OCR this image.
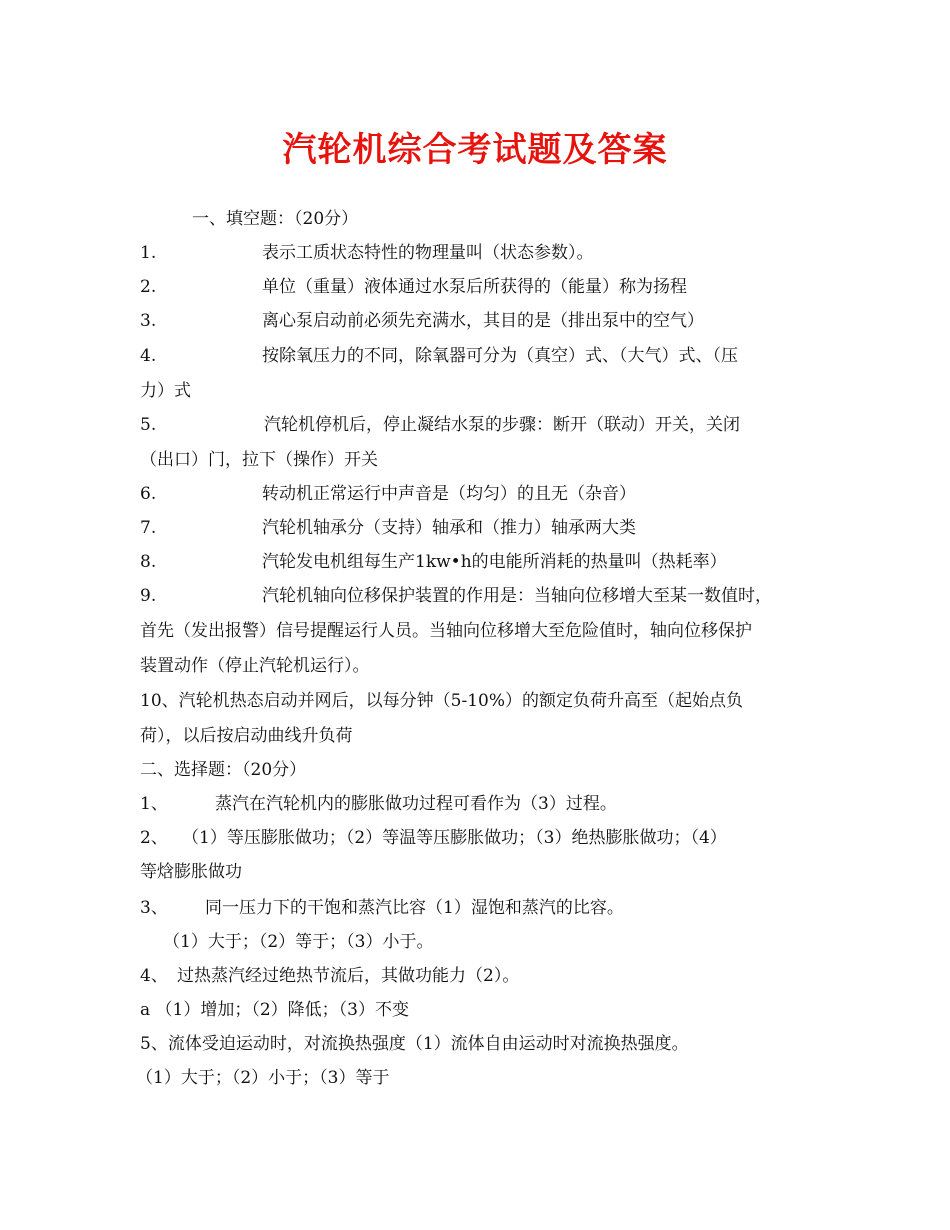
汽轮机综合考试题及答案
一、填空题：（20分）
1.	表示工质状态特性的物理量叫（状态参数）。
2.	单位（重量）液体通过水泵后所获得的（能量）称为扬程
3.	离心泵启动前必须先充满水，其目的是（排出泵中的空气）
4.	按除氧压力的不同，除氧器可分为（真空）式、（大气）式、（压
力）式
5.	汽轮机停机后，停止凝结水泵的步骤：断开（联动）开关，关闭
（出口）门，拉下（操作）开关
6.	转动机正常运行中声音是（均匀）的且无（杂音）
7.	汽轮机轴承分（支持）轴承和（推力）轴承两大类
8.	汽轮发电机组每生产1kw•h的电能所消耗的热量叫（热耗率）
9.	汽轮机轴向位移保护装置的作用是：当轴向位移增大至某一数值时，
首先（发出报警）信号提醒运行人员。当轴向位移增大至危险值时，轴向位移保护
装置动作（停止汽轮机运行）。
10、汽轮机热态启动并网后，以每分钟（5-10%）的额定负荷升高至（起始点负
荷），以后按启动曲线升负荷
二、选择题：（20分）
1、	蒸汽在汽轮机内的膨胀做功过程可看作为（3）过程。
2、 （1）等压膨胀做功；（2）等温等压膨胀做功；（3）绝热膨胀做功；（4）
等焓膨胀做功
3、 同一压力下的干饱和蒸汽比容（1）湿饱和蒸汽的比容。
（1）大于；（2）等于；（3）小于。
4、 过热蒸汽经过绝热节流后，其做功能力（2）。
a （1）增加；（2）降低；（3）不变
5、流体受迫运动时，对流换热强度（1）流体自由运动时对流换热强度。
（1）大于；（2）小于；（3）等于
